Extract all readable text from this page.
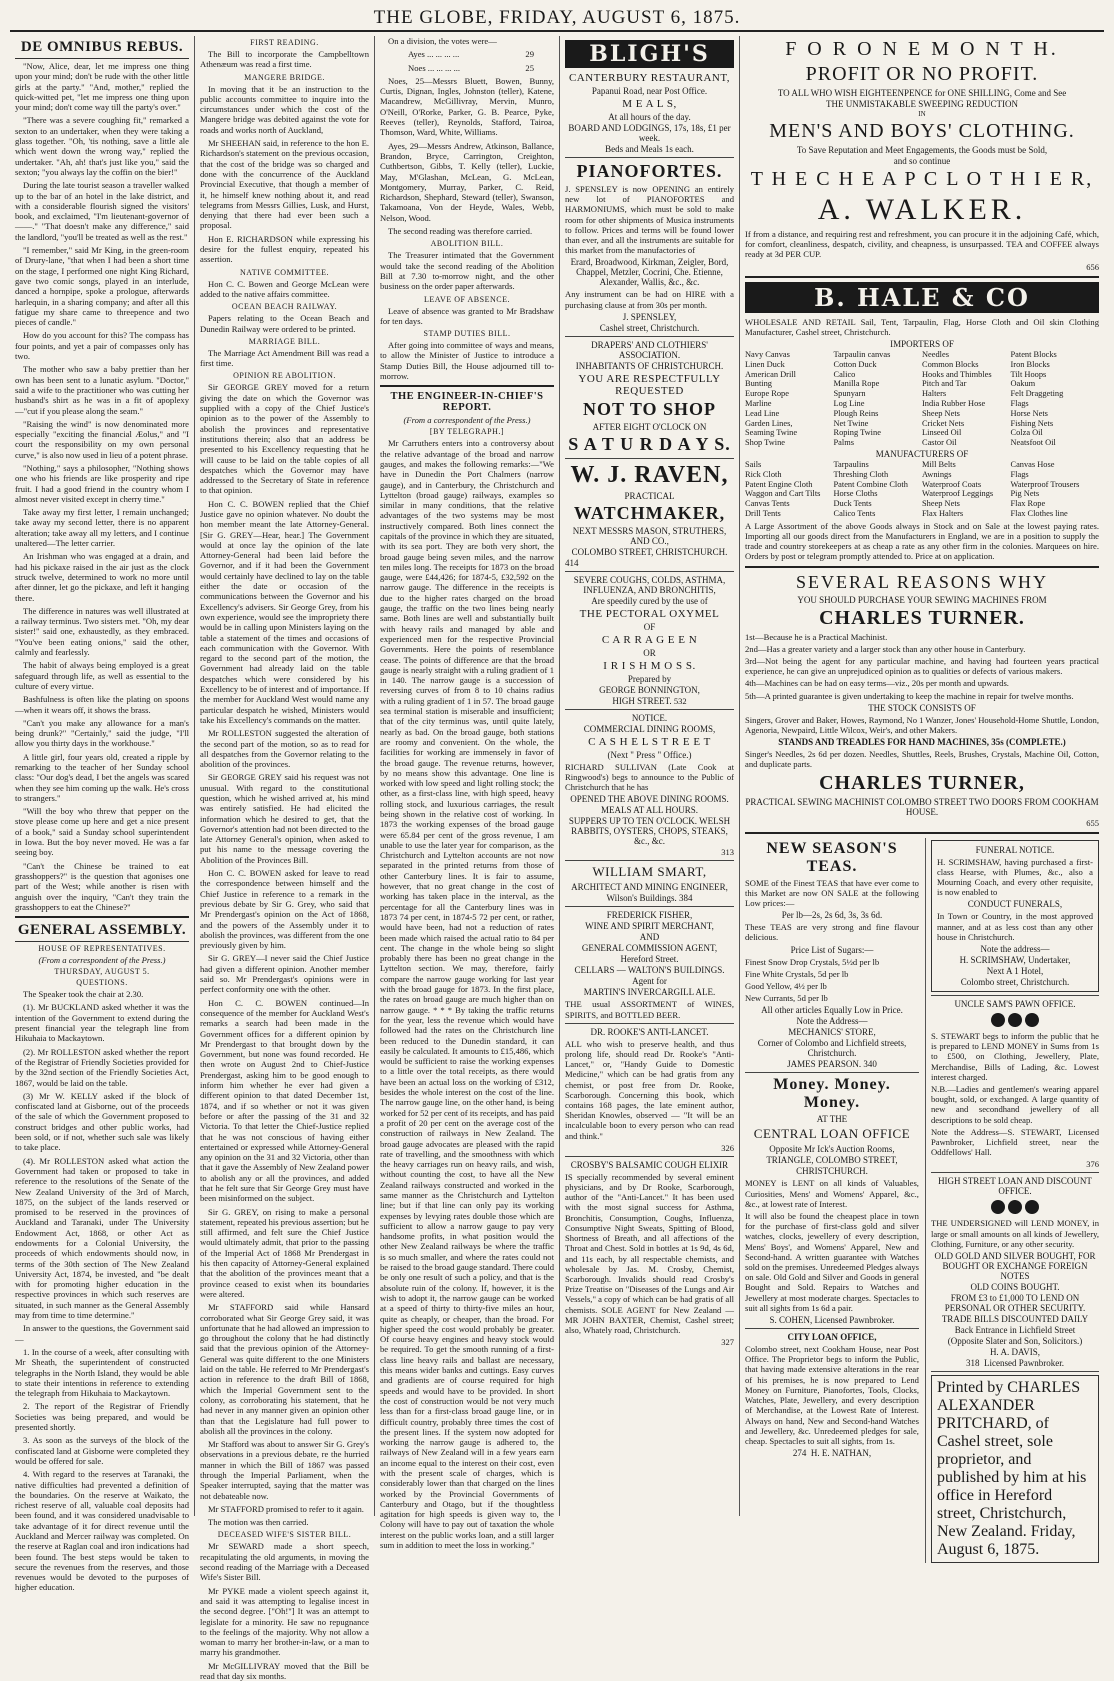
THE GLOBE, FRIDAY, AUGUST 6, 1875.
DE OMNIBUS REBUS.

"Now, Alice, dear, let me impress one thing upon your mind; don't be rude with the other little girls at the party." "And, mother," replied the quick-witted pet, "let me impress one thing upon your mind; don't come way till the party's over."

"There was a severe coughing fit," remarked a sexton to an undertaker, when they were taking a glass together. "Oh, 'tis nothing, save a little ale which went down the wrong way," replied the undertaker. "Ah, ah! that's just like you," said the sexton; "you always lay the coffin on the bier!"

During the late tourist season a traveller walked up to the bar of an hotel in the lake district, and with a considerable flourish signed the visitors' book, and exclaimed, "I'm lieutenant-governor of ——." "That doesn't make any difference," said the landlord, "you'll be treated as well as the rest."

"I remember," said Mr King, in the green-room of Drury-lane, "that when I had been a short time on the stage, I performed one night King Richard, gave two comic songs, played in an interlude, danced a hornpipe, spoke a prologue, afterwards harlequin, in a sharing company; and after all this fatigue my share came to threepence and two pieces of candle."

How do you account for this? The compass has four points, and yet a pair of compasses only has two.

The mother who saw a baby prettier than her own has been sent to a lunatic asylum. "Doctor," said a wife to the practitioner who was cutting her husband's shirt as he was in a fit of apoplexy—"cut if you please along the seam."

"Raising the wind" is now denominated more especially "exciting the financial Æolus," and "I court the responsibility on my own personal curve," is also now used in lieu of a potent phrase.

"Nothing," says a philosopher, "Nothing shows one who his friends are like prosperity and ripe fruit. I had a good friend in the country whom I almost never visited except in cherry time."

Take away my first letter, I remain unchanged; take away my second letter, there is no apparent alteration; take away all my letters, and I continue unaltered—The letter carrier.

An Irishman who was engaged at a drain, and had his pickaxe raised in the air just as the clock struck twelve, determined to work no more until after dinner, let go the pickaxe, and left it hanging there.

The difference in natures was well illustrated at a railway terminus. Two sisters met. "Oh, my dear sister!" said one, exhaustedly, as they embraced. "You've been eating onions," said the other, calmly and fearlessly.

The habit of always being employed is a great safeguard through life, as well as essential to the culture of every virtue.

Bashfulness is often like the plating on spoons—when it wears off, it shows the brass.

"Can't you make any allowance for a man's being drunk?" "Certainly," said the judge, "I'll allow you thirty days in the workhouse."

A little girl, four years old, created a ripple by remarking to the teacher of her Sunday school class: "Our dog's dead, I bet the angels was scared when they see him coming up the walk. He's cross to strangers."

"Will the boy who threw that pepper on the stove please come up here and get a nice present of a book," said a Sunday school superintendent in Iowa. But the boy never moved. He was a far seeing boy.

"Can't the Chinese be trained to eat grasshoppers?" is the question that agonises one part of the West; while another is risen with anguish over the inquiry, "Can't they train the grasshoppers to eat the Chinese?"

GENERAL ASSEMBLY.
HOUSE OF REPRESENTATIVES.
(From a correspondent of the Press.)
THURSDAY, AUGUST 5.
QUESTIONS.

The Speaker took the chair at 2.30.

(1). Mr BUCKLAND asked whether it was the intention of the Government to extend during the present financial year the telegraph line from Hikuhaia to Mackaytown.

(2). Mr ROLLESTON asked whether the report of the Registrar of Friendly Societies provided for by the 32nd section of the Friendly Societies Act, 1867, would be laid on the table.

(3) Mr W. KELLY asked if the block of confiscated land at Gisborne, out of the proceeds of the sale of which the Government proposed to construct bridges and other public works, had been sold, or if not, whether such sale was likely to take place.

(4). Mr ROLLESTON asked what action the Government had taken or proposed to take in reference to the resolutions of the Senate of the New Zealand University of the 3rd of March, 1875, on the subject of the lands reserved or promised to be reserved in the provinces of Auckland and Taranaki, under The University Endowment Act, 1868, or other Act as endowments for a Colonial University, the proceeds of which endowments should now, in terms of the 30th section of The New Zealand University Act, 1874, be invested, and "be dealt with for promoting higher education in the respective provinces in which such reserves are situated, in such manner as the General Assembly may from time to time determine."

In answer to the questions, the Government said—

1. In the course of a week, after consulting with Mr Sheath, the superintendent of constructed telegraphs in the North Island, they would be able to state their intentions in reference to extending the telegraph from Hikuhaia to Mackaytown.

2. The report of the Registrar of Friendly Societies was being prepared, and would be presented shortly.

3. As soon as the surveys of the block of the confiscated land at Gisborne were completed they would be offered for sale.

4. With regard to the reserves at Taranaki, the native difficulties had prevented a definition of the boundaries. On the reserve at Waikato, the richest reserve of all, valuable coal deposits had been found, and it was considered unadvisable to take advantage of it for direct revenue until the Auckland and Mercer railway was completed. On the reserve at Raglan coal and iron indications had been found. The best steps would be taken to secure the revenues from the reserves, and those revenues would be devoted to the purposes of higher education.

FIRST READING.

The Bill to incorporate the Campbelltown Athenæum was read a first time.

MANGERE BRIDGE.

In moving that it be an instruction to the public accounts committee to inquire into the circumstances under which the cost of the Mangere bridge was debited against the vote for roads and works north of Auckland,

Mr SHEEHAN said, in reference to the hon E. Richardson's statement on the previous occasion, that the cost of the bridge was so charged and done with the concurrence of the Auckland Provincial Executive, that though a member of it, he himself knew nothing about it, and read telegrams from Messrs Gillies, Lusk, and Hurst, denying that there had ever been such a proposal.

Hon E. RICHARDSON while expressing his desire for the fullest enquiry, repeated his assertion.

NATIVE COMMITTEE.

Hon C. C. Bowen and George McLean were added to the native affairs committee.

OCEAN BEACH RAILWAY.

Papers relating to the Ocean Beach and Dunedin Railway were ordered to be printed.

MARRIAGE BILL.

The Marriage Act Amendment Bill was read a first time.

OPINION RE ABOLITION.

Sir GEORGE GREY moved for a return giving the date on which the Governor was supplied with a copy of the Chief Justice's opinion as to the power of the Assembly to abolish the provinces and representative institutions therein; also that an address be presented to his Excellency requesting that he will cause to be laid on the table copies of all despatches which the Governor may have addressed to the Secretary of State in reference to that opinion.

Hon C. C. BOWEN replied that the Chief Justice gave no opinion whatever. No doubt the hon member meant the late Attorney-General. [Sir G. GREY—Hear, hear.] The Government would at once lay the opinion of the late Attorney-General had been laid before the Governor, and if it had been the Government would certainly have declined to lay on the table either the date or occasion of the communications between the Governor and his Excellency's advisers. Sir George Grey, from his own experience, would see the impropriety there would be in calling upon Ministers laying on the table a statement of the times and occasions of each communication with the Governor. With regard to the second part of the motion, the Government had already laid on the table despatches which were considered by his Excellency to be of interest and of importance. If the member for Auckland West would name any particular despatch he wished, Ministers would take his Excellency's commands on the matter.

Mr ROLLESTON suggested the alteration of the second part of the motion, so as to read for all despatches from the Governor relating to the abolition of the provinces.

Sir GEORGE GREY said his request was not unusual. With regard to the constitutional question, which he wished arrived at, his mind was entirely satisfied. He had elicited the information which he desired to get, that the Governor's attention had not been directed to the late Attorney General's opinion, when asked to put his name to the message covering the Abolition of the Provinces Bill.

Hon C. C. BOWEN asked for leave to read the correspondence between himself and the Chief Justice in reference to a remark in the previous debate by Sir G. Grey, who said that Mr Prendergast's opinion on the Act of 1868, and the powers of the Assembly under it to abolish the provinces, was different from the one previously given by him.

Sir G. GREY—I never said the Chief Justice had given a different opinion. Another member said so. Mr Prendergast's opinions were in perfect conformity one with the other.

Hon C. C. BOWEN continued—In consequence of the member for Auckland West's remarks a search had been made in the Government offices for a different opinion by Mr Prendergast to that brought down by the Government, but none was found recorded. He then wrote on August 2nd to Chief-Justice Prendergast, asking him to be good enough to inform him whether he ever had given a different opinion to that dated December 1st, 1874, and if so whether or not it was given before or after the passing of the 31 and 32 Victoria. To that letter the Chief-Justice replied that he was not conscious of having either entertained or expressed while Attorney-General any opinion on the 31 and 32 Victoria, other than that it gave the Assembly of New Zealand power to abolish any or all the provinces, and added that he felt sure that Sir George Grey must have been misinformed on the subject.

Sir G. GREY, on rising to make a personal statement, repeated his previous assertion; but he still affirmed, and felt sure the Chief Justice would ultimately admit, that prior to the passing of the Imperial Act of 1868 Mr Prendergast in his then capacity of Attorney-General explained that the abolition of the provinces meant that a province ceased to exist when its boundaries were altered.

Mr STAFFORD said while Hansard corroborated what Sir George Grey said, it was unfortunate that he had allowed an impression to go throughout the colony that he had distinctly said that the previous opinion of the Attorney-General was quite different to the one Ministers laid on the table. He referred to Mr Prendergast's action in reference to the draft Bill of 1868, which the Imperial Government sent to the colony, as corroborating his statement, that he had never in any manner given an opinion other than that the Legislature had full power to abolish all the provinces in the colony.

Mr Stafford was about to answer Sir G. Grey's observations in a previous debate, re the hurried manner in which the Bill of 1867 was passed through the Imperial Parliament, when the Speaker interrupted, saying that the matter was not debateable now.

Mr STAFFORD promised to refer to it again.

The motion was then carried.

DECEASED WIFE'S SISTER BILL.

Mr SEWARD made a short speech, recapitulating the old arguments, in moving the second reading of the Marriage with a Deceased Wife's Sister Bill.

Mr PYKE made a violent speech against it, and said it was attempting to legalise incest in the second degree. ["Oh!"] It was an attempt to legislate for a minority. He saw no repugnance to the feelings of the majority. Why not allow a woman to marry her brother-in-law, or a man to marry his grandmother.

Mr McGILLIVRAY moved that the Bill be read that day six months.

On a division, the votes were—

Ayes ... ... ... ...	29
Noes ... ... ... ...	25

Noes, 25—Messrs Bluett, Bowen, Bunny, Curtis, Dignan, Ingles, Johnston (teller), Katene, Macandrew, McGillivray, Mervin, Munro, O'Neill, O'Rorke, Parker, G. B. Pearce, Pyke, Reeves (teller), Reynolds, Stafford, Tairoa, Thomson, Ward, White, Williams.

Ayes, 29—Messrs Andrew, Atkinson, Ballance, Brandon, Bryce, Carrington, Creighton, Cuthbertson, Gibbs, T. Kelly (teller), Luckie, May, M'Glashan, McLean, G. McLean, Montgomery, Murray, Parker, C. Reid, Richardson, Shephard, Steward (teller), Swanson, Takamoana, Von der Heyde, Wales, Webb, Nelson, Wood.

The second reading was therefore carried.

ABOLITION BILL.

The Treasurer intimated that the Government would take the second reading of the Abolition Bill at 7.30 to-morrow night, and the other business on the order paper afterwards.

LEAVE OF ABSENCE.

Leave of absence was granted to Mr Bradshaw for ten days.

STAMP DUTIES BILL.

After going into committee of ways and means, to allow the Minister of Justice to introduce a Stamp Duties Bill, the House adjourned till to-morrow.

THE ENGINEER-IN-CHIEF'S REPORT.
(From a correspondent of the Press.)
[BY TELEGRAPH.]

Mr Carruthers enters into a controversy about the relative advantage of the broad and narrow gauges, and makes the following remarks:—"We have in Dunedin the Port Chalmers (narrow gauge), and in Canterbury, the Christchurch and Lyttelton (broad gauge) railways, examples so similar in many conditions, that the relative advantages of the two systems may be most instructively compared. Both lines connect the capitals of the province in which they are situated, with its sea port. They are both very short, the broad gauge being seven miles, and the narrow ten miles long. The receipts for 1873 on the broad gauge, were £44,426; for 1874-5, £32,592 on the narrow gauge. The difference in the receipts is due to the higher rates charged on the broad gauge, the traffic on the two lines being nearly same. Both lines are well and substantially built with heavy rails and managed by able and experienced men for the respective Provincial Governments. Here the points of resemblance cease. The points of difference are that the broad gauge is nearly straight with a ruling gradient of 1 in 140. The narrow gauge is a succession of reversing curves of from 8 to 10 chains radius with a ruling gradient of 1 in 57. The broad gauge sea terminal station is miserable and insufficient; that of the city terminus was, until quite lately, nearly as bad. On the broad gauge, both stations are roomy and convenient. On the whole, the facilities for working are immensely in favor of the broad gauge. The revenue returns, however, by no means show this advantage. One line is worked with low speed and light rolling stock; the other, as a first-class line, with high speed, heavy rolling stock, and luxurious carriages, the result being shown in the relative cost of working. In 1873 the working expenses of the broad gauge were 65.84 per cent of the gross revenue, I am unable to use the later year for comparison, as the Christchurch and Lyttelton accounts are not now separated in the printed returns from those of other Canterbury lines. It is fair to assume, however, that no great change in the cost of working has taken place in the interval, as the percentage for all the Canterbury lines was in 1873 74 per cent, in 1874-5 72 per cent, or rather, would have been, had not a reduction of rates been made which raised the actual ratio to 84 per cent. The change in the whole being so slight probably there has been no great change in the Lyttelton section. We may, therefore, fairly compare the narrow gauge working for last year with the broad gauge for 1873. In the first place, the rates on broad gauge are much higher than on narrow gauge. * * * By taking the traffic returns for the year, less the revenue which would have followed had the rates on the Christchurch line been reduced to the Dunedin standard, it can easily be calculated. It amounts to £15,486, which would be sufficient to raise the working expenses to a little over the total receipts, as there would have been an actual loss on the working of £312, besides the whole interest on the cost of the line. The narrow gauge line, on the other hand, is being worked for 52 per cent of its receipts, and has paid a profit of 20 per cent on the average cost of the construction of railways in New Zealand. The broad gauge advocates are pleased with the rapid rate of travelling, and the smoothness with which the heavy carriages run on heavy rails, and wish, without counting the cost, to have all the New Zealand railways constructed and worked in the same manner as the Christchurch and Lyttelton line; but if that line can only pay its working expenses by levying rates double those which are sufficient to allow a narrow gauge to pay very handsome profits, in what position would the other New Zealand railways be where the traffic is so much smaller, and where the rates could not be raised to the broad gauge standard. There could be only one result of such a policy, and that is the absolute ruin of the colony. If, however, it is the wish to adopt it, the narrow gauge can be worked at a speed of thirty to thirty-five miles an hour, quite as cheaply, or cheaper, than the broad. For higher speed the cost would probably be greater. Of course heavy engines and heavy stock would be required. To get the smooth running of a first-class line heavy rails and ballast are necessary, this means wider banks and cuttings. Easy curves and gradients are of course required for high speeds and would have to be provided. In short the cost of construction would be not very much less than for a first-class broad gauge line, or in difficult country, probably three times the cost of the present lines. If the system now adopted for working the narrow gauge is adhered to, the railways of New Zealand will in a few years earn an income equal to the interest on their cost, even with the present scale of charges, which is considerably lower than that charged on the lines worked by the Provincial Governments of Canterbury and Otago, but if the thoughtless agitation for high speeds is given way to, the Colony will have to pay out of taxation the whole interest on the public works loan, and a still larger sum in addition to meet the loss in working."

BLIGH'S
CANTERBURY RESTAURANT,
Papanui Road, near Post Office.
M E A L S,
At all hours of the day.
BOARD AND LODGINGS, 17s, 18s, £1 per week.
Beds and Meals 1s each.
PIANOFORTES.
J. SPENSLEY is now OPENING an entirely new lot of PIANOFORTES and HARMONIUMS, which must be sold to make room for other shipments of Musica instruments to follow. Prices and terms will be found lower than ever, and all the instruments are suitable for this market from the manufactories of
Erard, Broadwood, Kirkman, Zeigler, Bord, Chappel, Metzler, Cocrini, Che. Etienne, Alexander, Wallis, &c., &c.
Any instrument can be had on HIRE with a purchasing clause at from 30s per month.
J. SPENSLEY,
Cashel street, Christchurch.
DRAPERS' AND CLOTHIERS' ASSOCIATION.
INHABITANTS OF CHRISTCHURCH.
YOU ARE RESPECTFULLY REQUESTED
NOT TO SHOP
AFTER EIGHT O'CLOCK ON
S A T U R D A Y S.
W. J. RAVEN,
PRACTICAL
WATCHMAKER,
NEXT MESSRS MASON, STRUTHERS, AND CO.,
COLOMBO STREET, CHRISTCHURCH.
414
SEVERE COUGHS, COLDS, ASTHMA, INFLUENZA, AND BRONCHITIS,
Are speedily cured by the use of
THE PECTORAL OXYMEL
OF
C A R R A G E E N
OR
I R I S H M O S S.
Prepared by
GEORGE BONNINGTON,
HIGH STREET. 532
NOTICE.
COMMERCIAL DINING ROOMS,
C A S H E L S T R E E T
(Next " Press " Office.)
RICHARD SULLIVAN (Late Cook at Ringwood's) begs to announce to the Public of Christchurch that he has
OPENED THE ABOVE DINING ROOMS.
MEALS AT ALL HOURS.
SUPPERS UP TO TEN O'CLOCK. WELSH RABBITS, OYSTERS, CHOPS, STEAKS, &c., &c.
313
WILLIAM SMART,
ARCHITECT AND MINING ENGINEER,
Wilson's Buildings. 384
FREDERICK FISHER,
WINE AND SPIRIT MERCHANT,
AND
GENERAL COMMISSION AGENT,
Hereford Street.
CELLARS — WALTON'S BUILDINGS.
Agent for
MARTIN'S INVERCARGILL ALE.
THE usual ASSORTMENT of WINES, SPIRITS, and BOTTLED BEER.
DR. ROOKE'S ANTI-LANCET.
ALL who wish to preserve health, and thus prolong life, should read Dr. Rooke's "Anti-Lancet," or, "Handy Guide to Domestic Medicine," which can be had gratis from any chemist, or post free from Dr. Rooke, Scarborough. Concerning this book, which contains 168 pages, the late eminent author, Sheridan Knowles, observed — "It will be an incalculable boon to every person who can read and think."
326
CROSBY'S BALSAMIC COUGH ELIXIR
IS specially recommended by several eminent physicians, and by Dr Rooke, Scarborough, author of the "Anti-Lancet." It has been used with the most signal success for Asthma, Bronchitis, Consumption, Coughs, Influenza, Consumptive Night Sweats, Spitting of Blood, Shortness of Breath, and all affections of the Throat and Chest. Sold in bottles at 1s 9d, 4s 6d, and 11s each, by all respectable chemists, and wholesale by Jas. M. Crosby, Chemist, Scarborough. Invalids should read Crosby's Prize Treatise on "Diseases of the Lungs and Air Vessels," a copy of which can be had gratis of all chemists. SOLE AGENT for New Zealand — MR JOHN BAXTER, Chemist, Cashel street; also, Whately road, Christchurch.
327
F O R O N E M O N T H.
PROFIT OR NO PROFIT.
TO ALL WHO WISH EIGHTEENPENCE for ONE SHILLING, Come and See
THE UNMISTAKABLE SWEEPING REDUCTION
IN
MEN'S AND BOYS' CLOTHING.
To Save Reputation and Meet Engagements, the Goods must be Sold,
and so continue
T H E C H E A P C L O T H I E R,
A. WALKER.
If from a distance, and requiring rest and refreshment, you can procure it in the adjoining Café, which, for comfort, cleanliness, despatch, civility, and cheapness, is unsurpassed. TEA and COFFEE always ready at 3d PER CUP.
656
B. HALE & CO
WHOLESALE AND RETAIL Sail, Tent, Tarpaulin, Flag, Horse Cloth and Oil skin Clothing Manufacturer, Cashel street, Christchurch.
IMPORTERS OF
Navy Canvas
Linen Duck
American Drill
Bunting
Europe Rope
Marline
Lead Line
Garden Lines,
Seaming Twine
Shop Twine
Tarpaulin canvas
Cotton Duck
Calico
Manilla Rope
Spunyarn
Log Line
Plough Reins
Net Twine
Roping Twine
Palms
Needles
Common Blocks
Hooks and Thimbles
Pitch and Tar
Halters
India Rubber Hose
Sheep Nets
Cricket Nets
Linseed Oil
Castor Oil
Patent Blocks
Iron Blocks
Tilt Hoops
Oakum
Felt Draggeting
Flags
Horse Nets
Fishing Nets
Colza Oil
Neatsfoot Oil
MANUFACTURERS OF
Sails
Rick Cloth
Patent Engine Cloth
Waggon and Cart Tilts
Canvas Tents
Drill Tents
Tarpaulins
Threshing Cloth
Patent Combine Cloth
Horse Cloths
Duck Tents
Calico Tents
Mill Belts
Awnings
Waterproof Coats
Waterproof Leggings
Sheep Nets
Flax Halters
Canvas Hose
Flags
Waterproof Trousers
Pig Nets
Flax Rope
Flax Clothes line
A Large Assortment of the above Goods always in Stock and on Sale at the lowest paying rates. Importing all our goods direct from the Manufacturers in England, we are in a position to supply the trade and country storekeepers at as cheap a rate as any other firm in the colonies. Marquees on hire. Orders by post or telegram promptly attended to. Price at on application.
SEVERAL REASONS WHY
YOU SHOULD PURCHASE YOUR SEWING MACHINES FROM
CHARLES TURNER.
1st—Because he is a Practical Machinist.
2nd—Has a greater variety and a larger stock than any other house in Canterbury.
3rd—Not being the agent for any particular machine, and having had fourteen years practical experience, he can give an unprejudiced opinion as to qualities or defects of various makers.
4th—Machines can be had on easy terms—viz., 20s per month and upwards.
5th—A printed guarantee is given undertaking to keep the machine in repair for twelve months.
THE STOCK CONSISTS OF
Singers, Grover and Baker, Howes, Raymond, No 1 Wanzer, Jones' Household-Home Shuttle, London, Agenoria, Newpaird, Little Wilcox, Weir's, and other Makers.
STANDS AND TREADLES FOR HAND MACHINES, 35s (COMPLETE.)
Singer's Needles, 2s 6d per dozen. Needles, Shuttles, Reels, Brushes, Crystals, Machine Oil, Cotton, and duplicate parts.
CHARLES TURNER,
PRACTICAL SEWING MACHINIST COLOMBO STREET TWO DOORS FROM COOKHAM HOUSE.
655
NEW SEASON'S TEAS.
SOME of the Finest TEAS that have ever come to this Market are now ON SALE at the following Low prices:—
Per lb—2s, 2s 6d, 3s, 3s 6d.
These TEAS are very strong and fine flavour delicious.
Price List of Sugars:—
Finest Snow Drop Crystals, 5½d per lb
Fine White Crystals, 5d per lb
Good Yellow, 4½ per lb
New Currants, 5d per lb
All other articles Equally Low in Price.
Note the Address—
MECHANICS' STORE,
Corner of Colombo and Lichfield streets, Christchurch.
JAMES PEARSON. 340
Money. Money. Money.
AT THE
CENTRAL LOAN OFFICE
Opposite Mr Ick's Auction Rooms,
TRIANGLE, COLOMBO STREET,
CHRISTCHURCH.
MONEY is LENT on all kinds of Valuables, Curiosities, Mens' and Womens' Apparel, &c., &c., at lowest rate of Interest.
It will also be found the cheapest place in town for the purchase of first-class gold and silver watches, clocks, jewellery of every description, Mens' Boys', and Womens' Apparel, New and Second-hand. A written guarantee with Watches sold on the premises. Unredeemed Pledges always on sale. Old Gold and Silver and Goods in general Bought and Sold. Repairs to Watches and Jewellery at most moderate charges. Spectacles to suit all sights from 1s 6d a pair.
S. COHEN, Licensed Pawnbroker.
CITY LOAN OFFICE,
Colombo street, next Cookham House, near Post Office. The Proprietor begs to inform the Public, that having made extensive alterations in the rear of his premises, he is now prepared to Lend Money on Furniture, Pianofortes, Tools, Clocks, Watches, Plate, Jewellery, and every description of Merchandise, at the Lowest Rate of Interest. Always on hand, New and Second-hand Watches and Jewellery, &c. Unredeemed pledges for sale, cheap. Spectacles to suit all sights, from 1s.
274 H. E. NATHAN,
FUNERAL NOTICE.
H. SCRIMSHAW, having purchased a first-class Hearse, with Plumes, &c., also a Mourning Coach, and every other requisite, is now enabled to
CONDUCT FUNERALS,
In Town or Country, in the most approved manner, and at as less cost than any other house in Christchurch.
Note the address—
H. SCRIMSHAW, Undertaker,
Next A 1 Hotel,
Colombo street, Christchurch.
UNCLE SAM'S PAWN OFFICE.
S. STEWART begs to inform the public that he is prepared to LEND MONEY in Sums from 1s to £500, on Clothing, Jewellery, Plate, Merchandise, Bills of Lading, &c. Lowest interest charged.
N.B.—Ladies and gentlemen's wearing apparel bought, sold, or exchanged. A large quantity of new and secondhand jewellery of all descriptions to be sold cheap.
Note the Address—S. STEWART, Licensed Pawnbroker, Lichfield street, near the Oddfellows' Hall.
376
HIGH STREET LOAN AND DISCOUNT OFFICE.
THE UNDERSIGNED will LEND MONEY, in large or small amounts on all kinds of Jewellery, Clothing, Furniture, or any other security.
OLD GOLD AND SILVER BOUGHT, FOR BOUGHT OR EXCHANGE FOREIGN NOTES
OLD COINS BOUGHT.
FROM £3 to £1,000 TO LEND ON PERSONAL OR OTHER SECURITY.
TRADE BILLS DISCOUNTED DAILY
Back Entrance in Lichfield Street
(Opposite Slater and Son, Solicitors.)
H. A. DAVIS,
318 Licensed Pawnbroker.
Printed by CHARLES ALEXANDER PRITCHARD, of Cashel street, sole proprietor, and published by him at his office in Hereford street, Christchurch, New Zealand. Friday, August 6, 1875.
